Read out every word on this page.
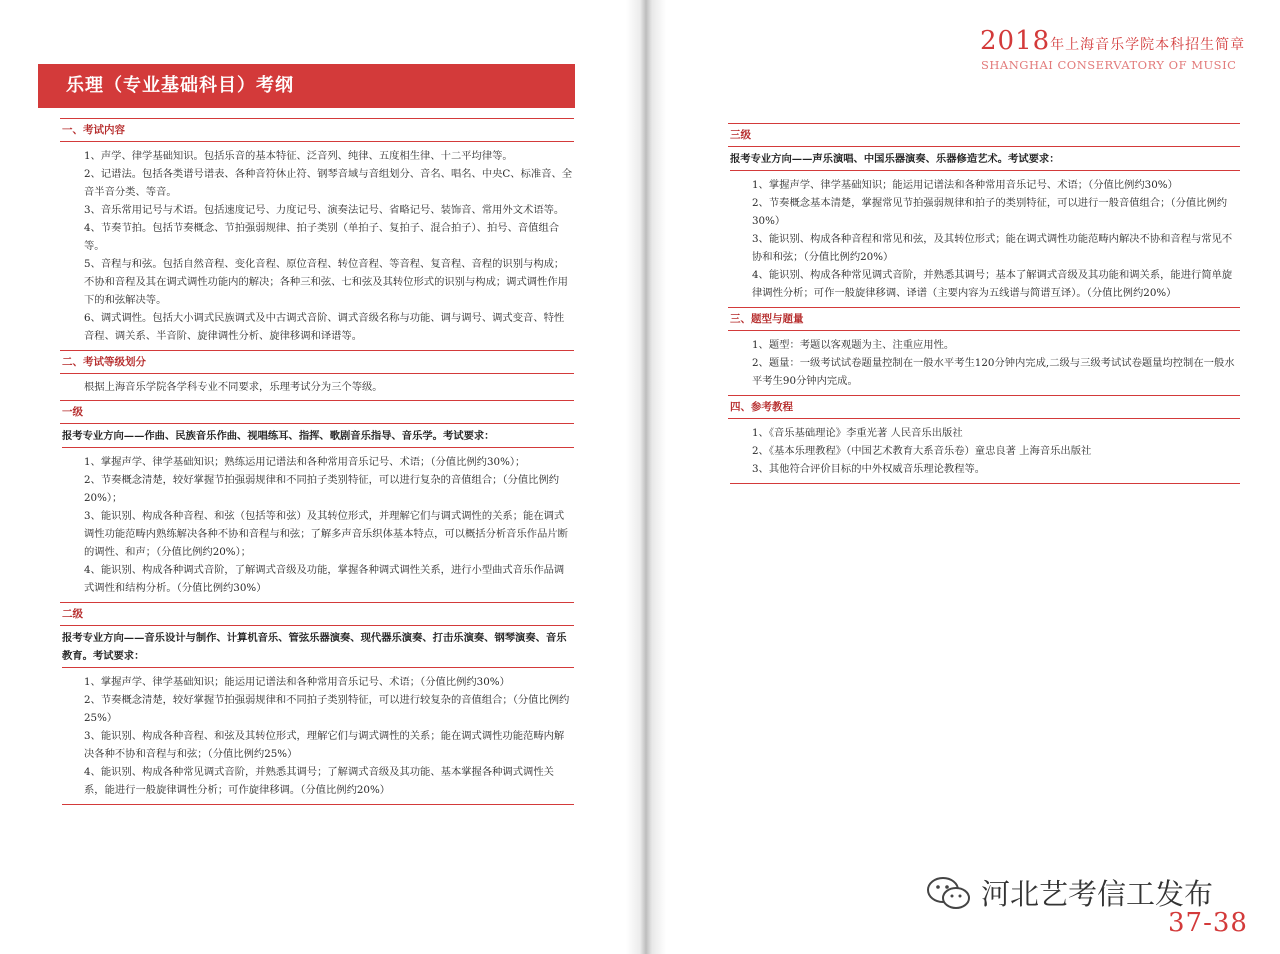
乐理（专业基础科目）考纲
一、考试内容
1、声学、律学基础知识。包括乐音的基本特征、泛音列、纯律、五度相生律、十二平均律等。
2、记谱法。包括各类谱号谱表、各种音符休止符、钢琴音域与音组划分、音名、唱名、中央C、标准音、全音半音分类、等音。
3、音乐常用记号与术语。包括速度记号、力度记号、演奏法记号、省略记号、装饰音、常用外文术语等。
4、节奏节拍。包括节奏概念、节拍强弱规律、拍子类别（单拍子、复拍子、混合拍子）、拍号、音值组合等。
5、音程与和弦。包括自然音程、变化音程、原位音程、转位音程、等音程、复音程、音程的识别与构成；不协和音程及其在调式调性功能内的解决；各种三和弦、七和弦及其转位形式的识别与构成；调式调性作用下的和弦解决等。
6、调式调性。包括大小调式民族调式及中古调式音阶、调式音级名称与功能、调与调号、调式变音、特性音程、调关系、半音阶、旋律调性分析、旋律移调和译谱等。
二、考试等级划分
根据上海音乐学院各学科专业不同要求，乐理考试分为三个等级。
一级
报考专业方向——作曲、民族音乐作曲、视唱练耳、指挥、歌剧音乐指导、音乐学。考试要求：
1、掌握声学、律学基础知识；熟练运用记谱法和各种常用音乐记号、术语；（分值比例约30%）；
2、节奏概念清楚，较好掌握节拍强弱规律和不同拍子类别特征，可以进行复杂的音值组合；（分值比例约20%）；
3、能识别、构成各种音程、和弦（包括等和弦）及其转位形式，并理解它们与调式调性的关系；能在调式调性功能范畴内熟练解决各种不协和音程与和弦；了解多声音乐织体基本特点，可以概括分析音乐作品片断的调性、和声；（分值比例约20%）；
4、能识别、构成各种调式音阶，了解调式音级及功能，掌握各种调式调性关系，进行小型曲式音乐作品调式调性和结构分析。（分值比例约30%）
二级
报考专业方向——音乐设计与制作、计算机音乐、管弦乐器演奏、现代器乐演奏、打击乐演奏、钢琴演奏、音乐教育。考试要求：
1、掌握声学、律学基础知识；能运用记谱法和各种常用音乐记号、术语；（分值比例约30%）
2、节奏概念清楚，较好掌握节拍强弱规律和不同拍子类别特征，可以进行较复杂的音值组合；（分值比例约25%）
3、能识别、构成各种音程、和弦及其转位形式，理解它们与调式调性的关系；能在调式调性功能范畴内解决各种不协和音程与和弦；（分值比例约25%）
4、能识别、构成各种常见调式音阶，并熟悉其调号；了解调式音级及其功能、基本掌握各种调式调性关系，能进行一般旋律调性分析；可作旋律移调。（分值比例约20%）
2018年上海音乐学院本科招生简章
SHANGHAI CONSERVATORY OF MUSIC
三级
报考专业方向——声乐演唱、中国乐器演奏、乐器修造艺术。考试要求：
1、掌握声学、律学基础知识；能运用记谱法和各种常用音乐记号、术语；（分值比例约30%）
2、节奏概念基本清楚，掌握常见节拍强弱规律和拍子的类别特征，可以进行一般音值组合；（分值比例约30%）
3、能识别、构成各种音程和常见和弦，及其转位形式；能在调式调性功能范畴内解决不协和音程与常见不协和和弦；（分值比例约20%）
4、能识别、构成各种常见调式音阶，并熟悉其调号；基本了解调式音级及其功能和调关系，能进行简单旋律调性分析；可作一般旋律移调、译谱（主要内容为五线谱与简谱互译）。（分值比例约20%）
三、题型与题量
1、题型：考题以客观题为主、注重应用性。
2、题量：一级考试试卷题量控制在一般水平考生120分钟内完成,二级与三级考试试卷题量均控制在一般水平考生90分钟内完成。
四、参考教程
1、《音乐基础理论》李重光著 人民音乐出版社
2、《基本乐理教程》（中国艺术教育大系音乐卷）童忠良著 上海音乐出版社
3、其他符合评价目标的中外权威音乐理论教程等。
河北艺考信工发布
37-38
